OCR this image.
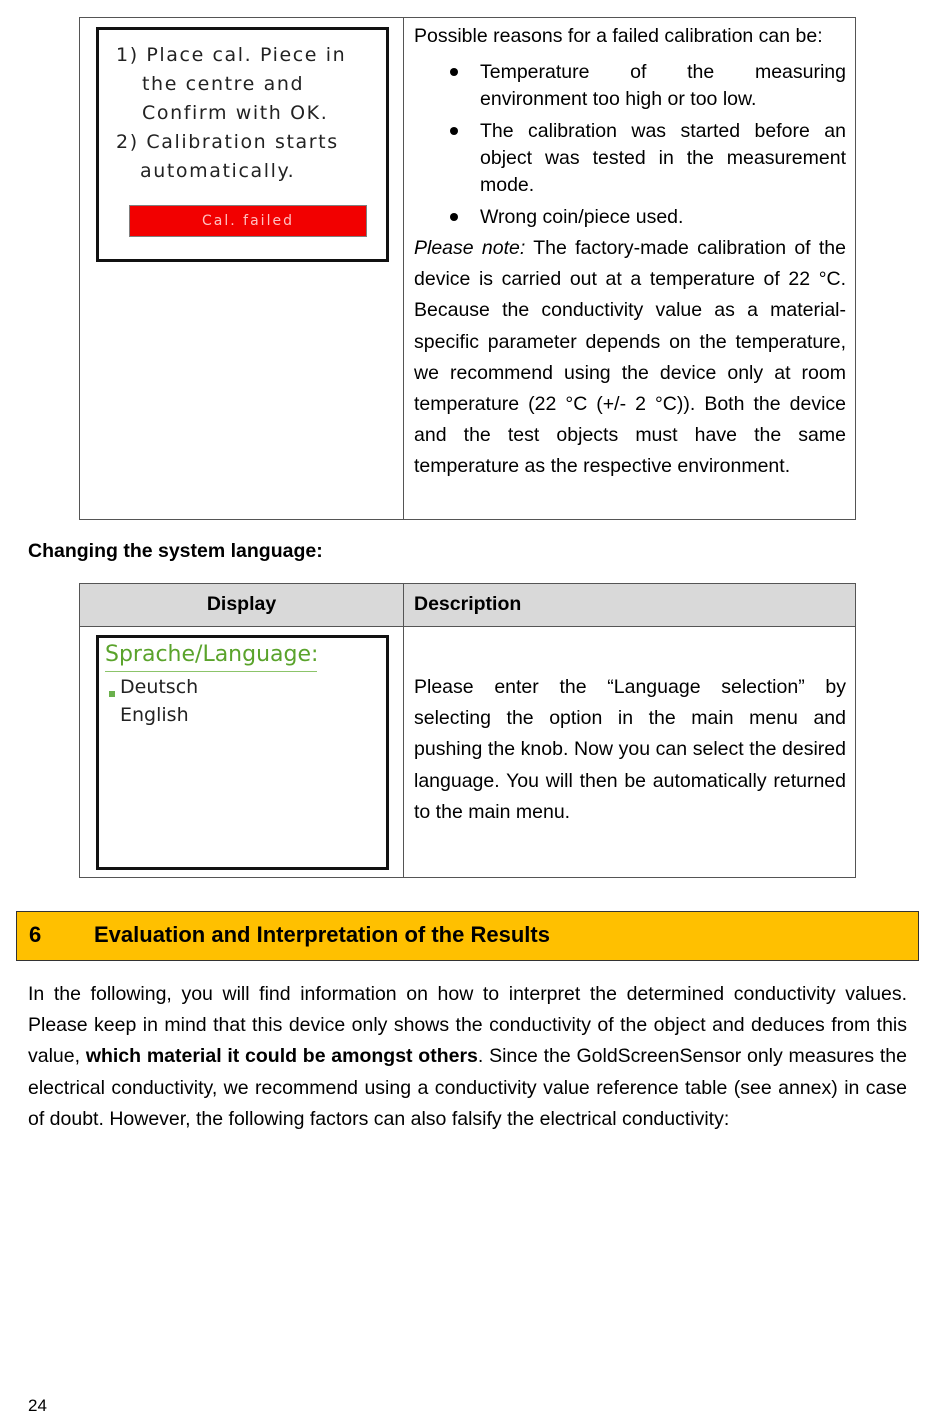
1) Place cal. Piece in
the centre and
Confirm with OK.
2) Calibration starts
automatically.
Cal. failed

Possible reasons for a failed calibration can be:

Temperature of the measuring environment too high or too low.
The calibration was started before an object was tested in the measurement mode.
Wrong coin/piece used.

Please note: The factory-made calibration of the device is carried out at a temperature of 22 °C. Because the conductivity value as a material-specific parameter depends on the temperature, we recommend using the device only at room temperature (22 °C (+/- 2 °C)). Both the device and the test objects must have the same temperature as the respective environment.

Changing the system language:
Display	Description
Sprache/Language:
Deutsch
English
Please enter the “Language selection” by selecting the option in the main menu and pushing the knob. Now you can select the desired language. You will then be automatically returned to the main menu.
6 Evaluation and Interpretation of the Results
In the following, you will find information on how to interpret the determined conductivity values. Please keep in mind that this device only shows the conductivity of the object and deduces from this value, which material it could be amongst others. Since the GoldScreenSensor only measures the electrical conductivity, we recommend using a conductivity value reference table (see annex) in case of doubt. However, the following factors can also falsify the electrical conductivity:
24
